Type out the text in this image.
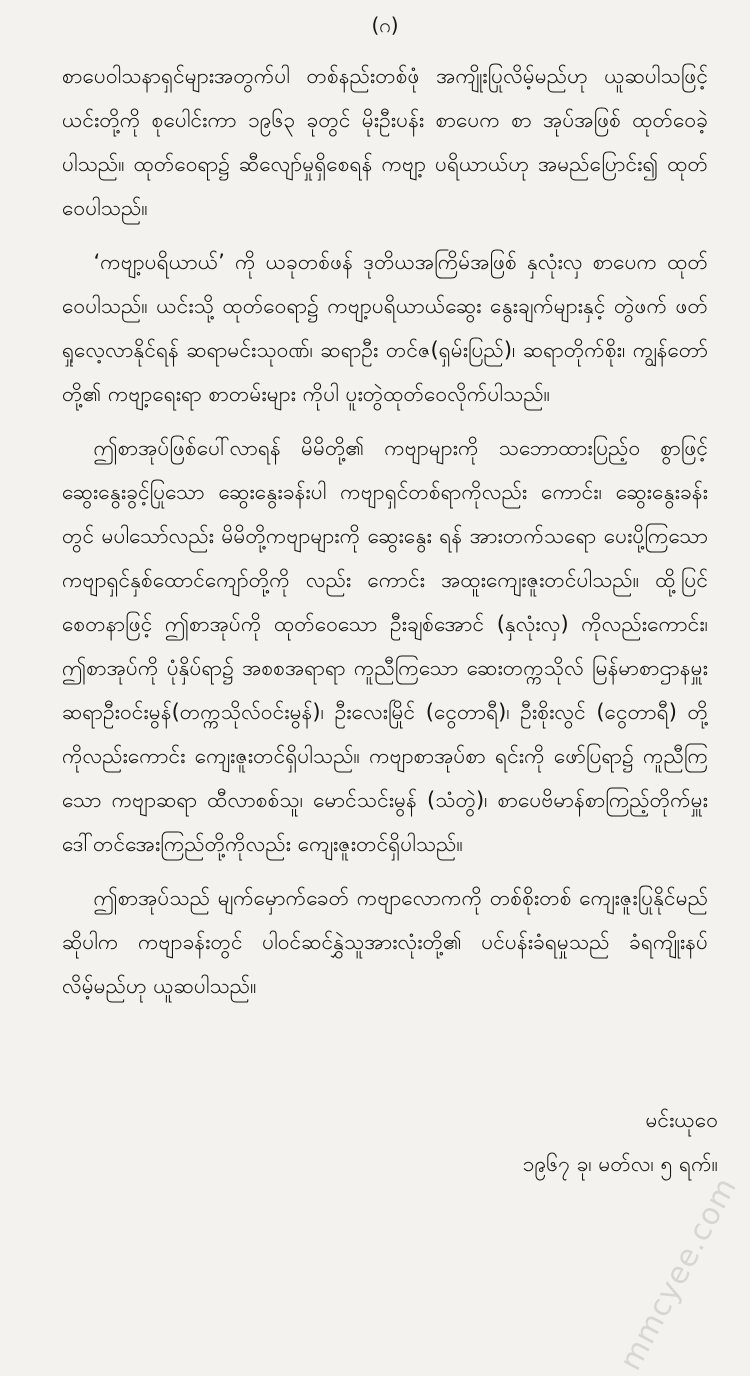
(ဂ)

စာပေဝါသနာရှင်များအတွက်ပါ တစ်နည်းတစ်ဖုံ အကျိုးပြုလိမ့်မည်ဟု ယူဆပါသဖြင့် ယင်းတို့ကို စုပေါင်းကာ ၁၉၆၃ ခုတွင် မိုးဦးပန်း စာပေက စာ အုပ်အဖြစ် ထုတ်ဝေခဲ့ပါသည်။ ထုတ်ဝေရာ၌ ဆီလျော်မှုရှိစေရန် ကဗျာ့ ပရိယာယ်ဟု အမည်ပြောင်း၍ ထုတ်ဝေပါသည်။

‘ကဗျာ့ပရိယာယ်’ ကို ယခုတစ်ဖန် ဒုတိယအကြိမ်အဖြစ် နှလုံးလှ စာပေက ထုတ်ဝေပါသည်။ ယင်းသို့ ထုတ်ဝေရာ၌ ကဗျာ့ပရိယာယ်ဆွေး နွေးချက်များနှင့် တွဲဖက် ဖတ်ရှုလေ့လာနိုင်ရန် ဆရာမင်းသုဝဏ်၊ ဆရာဦး တင်ဇ(ရှမ်းပြည်)၊ ဆရာတိုက်စိုး၊ ကျွန်တော်တို့၏ ကဗျာ့ရေးရာ စာတမ်းများ ကိုပါ ပူးတွဲထုတ်ဝေလိုက်ပါသည်။

ဤစာအုပ်ဖြစ်ပေါ်လာရန် မိမိတို့၏ ကဗျာများကို သဘောထားပြည့်ဝ စွာဖြင့် ဆွေးနွေးခွင့်ပြုသော ဆွေးနွေးခန်းပါ ကဗျာရှင်တစ်ရာကိုလည်း ကောင်း၊ ဆွေးနွေးခန်းတွင် မပါသော်လည်း မိမိတို့ကဗျာများကို ဆွေးနွေး ရန် အားတက်သရော ပေးပို့ကြသော ကဗျာရှင်နှစ်ထောင်ကျော်တို့ကို လည်း ကောင်း အထူးကျေးဇူးတင်ပါသည်။ ထို့ပြင် စေတနာဖြင့် ဤစာအုပ်ကို ထုတ်ဝေသော ဦးချစ်အောင် (နှလုံးလှ) ကိုလည်းကောင်း၊ ဤစာအုပ်ကို ပုံနှိပ်ရာ၌ အစစအရာရာ ကူညီကြသော ဆေးတက္ကသိုလ် မြန်မာစာဌာနမှူး ဆရာဦးဝင်းမွန်(တက္ကသိုလ်ဝင်းမွန်)၊ ဦးလေးမြိုင် (ငွေတာရီ)၊ ဦးစိုးလွင် (ငွေတာရီ) တို့ကိုလည်းကောင်း ကျေးဇူးတင်ရှိပါသည်။ ကဗျာစာအုပ်စာ ရင်းကို ဖော်ပြရာ၌ ကူညီကြသော ကဗျာဆရာ ထီလာစစ်သူ၊ မောင်သင်းမွန် (သံတွဲ)၊ စာပေဗိမာန်စာကြည့်တိုက်မှူး ဒေါ်တင်အေးကြည်တို့ကိုလည်း ကျေးဇူးတင်ရှိပါသည်။

ဤစာအုပ်သည် မျက်မှောက်ခေတ် ကဗျာလောကကို တစ်စိုးတစ် ကျေးဇူးပြုနိုင်မည်ဆိုပါက ကဗျာခန်းတွင် ပါဝင်ဆင်နွှဲသူအားလုံးတို့၏ ပင်ပန်းခံရမှုသည် ခံရကျိုးနပ်လိမ့်မည်ဟု ယူဆပါသည်။

မင်းယုဝေ
၁၉၆၇ ခု၊ မတ်လ၊ ၅ ရက်။
mmcyee.com
